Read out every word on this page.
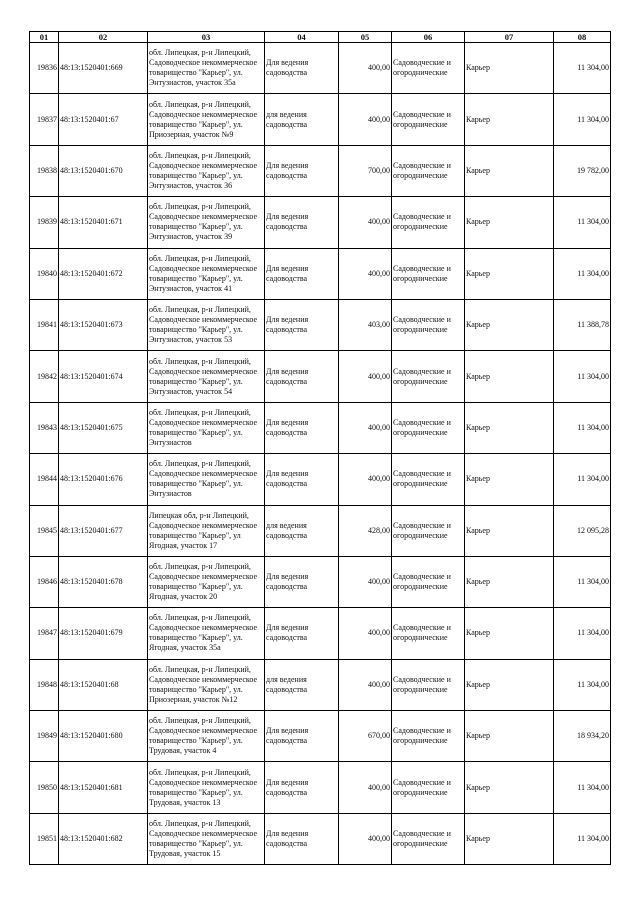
01	02	03	04	05	06	07	08
19836	48:13:1520401:669	обл. Липецкая, р-н Липецкий, Садоводческое некоммерческое товарищество "Карьер", ул. Энтузиастов, участок 35а	Для ведения садоводства	400,00	Садоводческие и огороднические	Карьер	11 304,00
19837	48:13:1520401:67	обл. Липецкая, р-н Липецкий, Садоводческое некоммерческое товарищество "Карьер", ул. Приозерная, участок №9	для ведения садоводства	400,00	Садоводческие и огороднические	Карьер	11 304,00
19838	48:13:1520401:670	обл. Липецкая, р-н Липецкий, Садоводческое некоммерческое товарищество "Карьер", ул. Энтузиастов, участок 36	Для ведения садоводства	700,00	Садоводческие и огороднические	Карьер	19 782,00
19839	48:13:1520401:671	обл. Липецкая, р-н Липецкий, Садоводческое некоммерческое товарищество "Карьер", ул. Энтузиастов, участок 39	Для ведения садоводства	400,00	Садоводческие и огороднические	Карьер	11 304,00
19840	48:13:1520401:672	обл. Липецкая, р-н Липецкий, Садоводческое некоммерческое товарищество "Карьер", ул. Энтузиастов, участок 41	Для ведения садоводства	400,00	Садоводческие и огороднические	Карьер	11 304,00
19841	48:13:1520401:673	обл. Липецкая, р-н Липецкий, Садоводческое некоммерческое товарищество "Карьер", ул. Энтузиастов, участок 53	Для ведения садоводства	403,00	Садоводческие и огороднические	Карьер	11 388,78
19842	48:13:1520401:674	обл. Липецкая, р-н Липецкий, Садоводческое некоммерческое товарищество "Карьер", ул. Энтузиастов, участок 54	Для ведения садоводства	400,00	Садоводческие и огороднические	Карьер	11 304,00
19843	48:13:1520401:675	обл. Липецкая, р-н Липецкий, Садоводческое некоммерческое товарищество "Карьер", ул. Энтузиастов	Для ведения садоводства	400,00	Садоводческие и огороднические	Карьер	11 304,00
19844	48:13:1520401:676	обл. Липецкая, р-н Липецкий, Садоводческое некоммерческое товарищество "Карьер", ул. Энтузиастов	Для ведения садоводства	400,00	Садоводческие и огороднические	Карьер	11 304,00
19845	48:13:1520401:677	Липецкая обл, р-н Липецкий, Садоводческое некоммерческое товарищество "Карьер", ул Ягодная, участок 17	для ведения садоводства	428,00	Садоводческие и огороднические	Карьер	12 095,28
19846	48:13:1520401:678	обл. Липецкая, р-н Липецкий, Садоводческое некоммерческое товарищество "Карьер", ул. Ягодная, участок 20	Для ведения садоводства	400,00	Садоводческие и огороднические	Карьер	11 304,00
19847	48:13:1520401:679	обл. Липецкая, р-н Липецкий, Садоводческое некоммерческое товарищество "Карьер", ул. Ягодная, участок 35а	Для ведения садоводства	400,00	Садоводческие и огороднические	Карьер	11 304,00
19848	48:13:1520401:68	обл. Липецкая, р-н Липецкий, Садоводческое некоммерческое товарищество "Карьер", ул. Приозерная, участок №12	для ведения садоводства	400,00	Садоводческие и огороднические	Карьер	11 304,00
19849	48:13:1520401:680	обл. Липецкая, р-н Липецкий, Садоводческое некоммерческое товарищество "Карьер", ул. Трудовая, участок 4	Для ведения садоводства	670,00	Садоводческие и огороднические	Карьер	18 934,20
19850	48:13:1520401:681	обл. Липецкая, р-н Липецкий, Садоводческое некоммерческое товарищество "Карьер", ул. Трудовая, участок 13	Для ведения садоводства	400,00	Садоводческие и огороднические	Карьер	11 304,00
19851	48:13:1520401:682	обл. Липецкая, р-н Липецкий, Садоводческое некоммерческое товарищество "Карьер", ул. Трудовая, участок 15	Для ведения садоводства	400,00	Садоводческие и огороднические	Карьер	11 304,00
